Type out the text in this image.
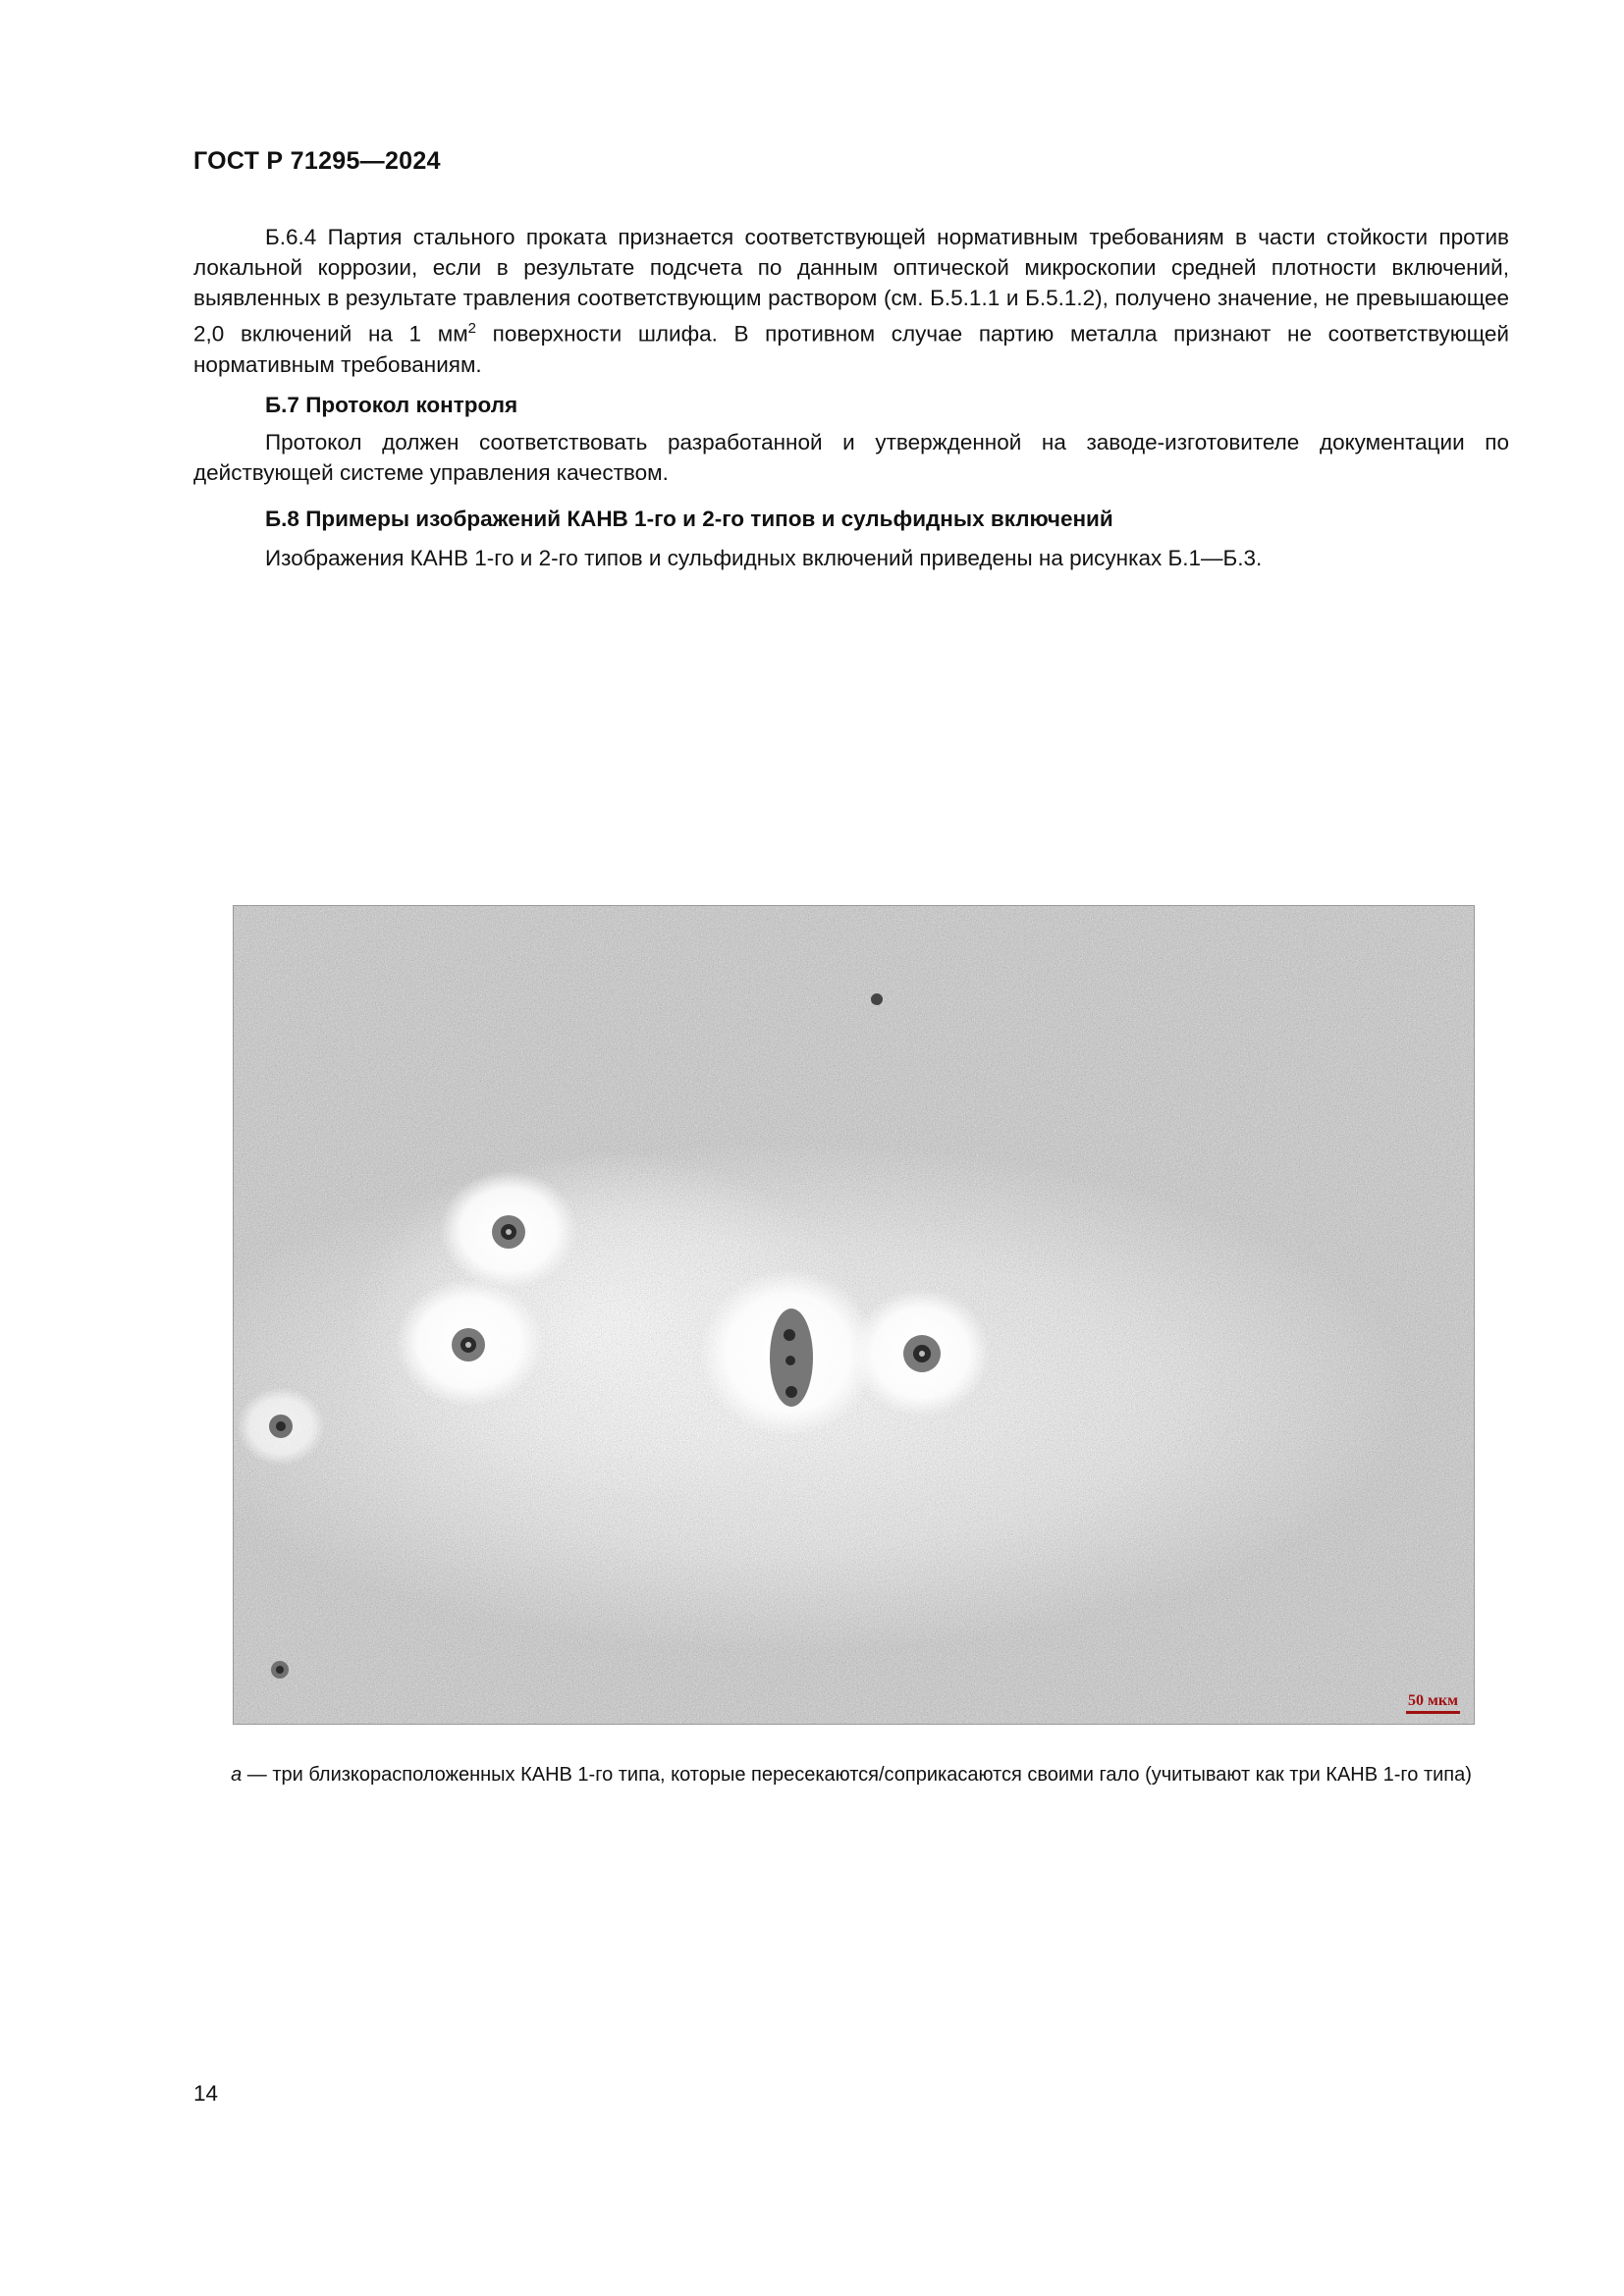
ГОСТ Р 71295—2024

Б.6.4 Партия стального проката признается соответствующей нормативным требованиям в части стойкости против локальной коррозии, если в результате подсчета по данным оптической микроскопии средней плотности включений, выявленных в результате травления соответствующим раствором (см. Б.5.1.1 и Б.5.1.2), получено значение, не превышающее 2,0 включений на 1 $мм^2$ поверхности шлифа. В противном случае партию металла признают не соответствующей нормативным требованиям.

Б.7 Протокол контроля

Протокол должен соответствовать разработанной и утвержденной на заводе-изготовителе документации по действующей системе управления качеством.

Б.8 Примеры изображений КАНВ 1-го и 2-го типов и сульфидных включений

Изображения КАНВ 1-го и 2-го типов и сульфидных включений приведены на рисунках Б.1—Б.3.

50 мкм
а — три близкорасположенных КАНВ 1-го типа, которые пересекаются/соприкасаются своими гало (учитывают как три КАНВ 1-го типа)
14
